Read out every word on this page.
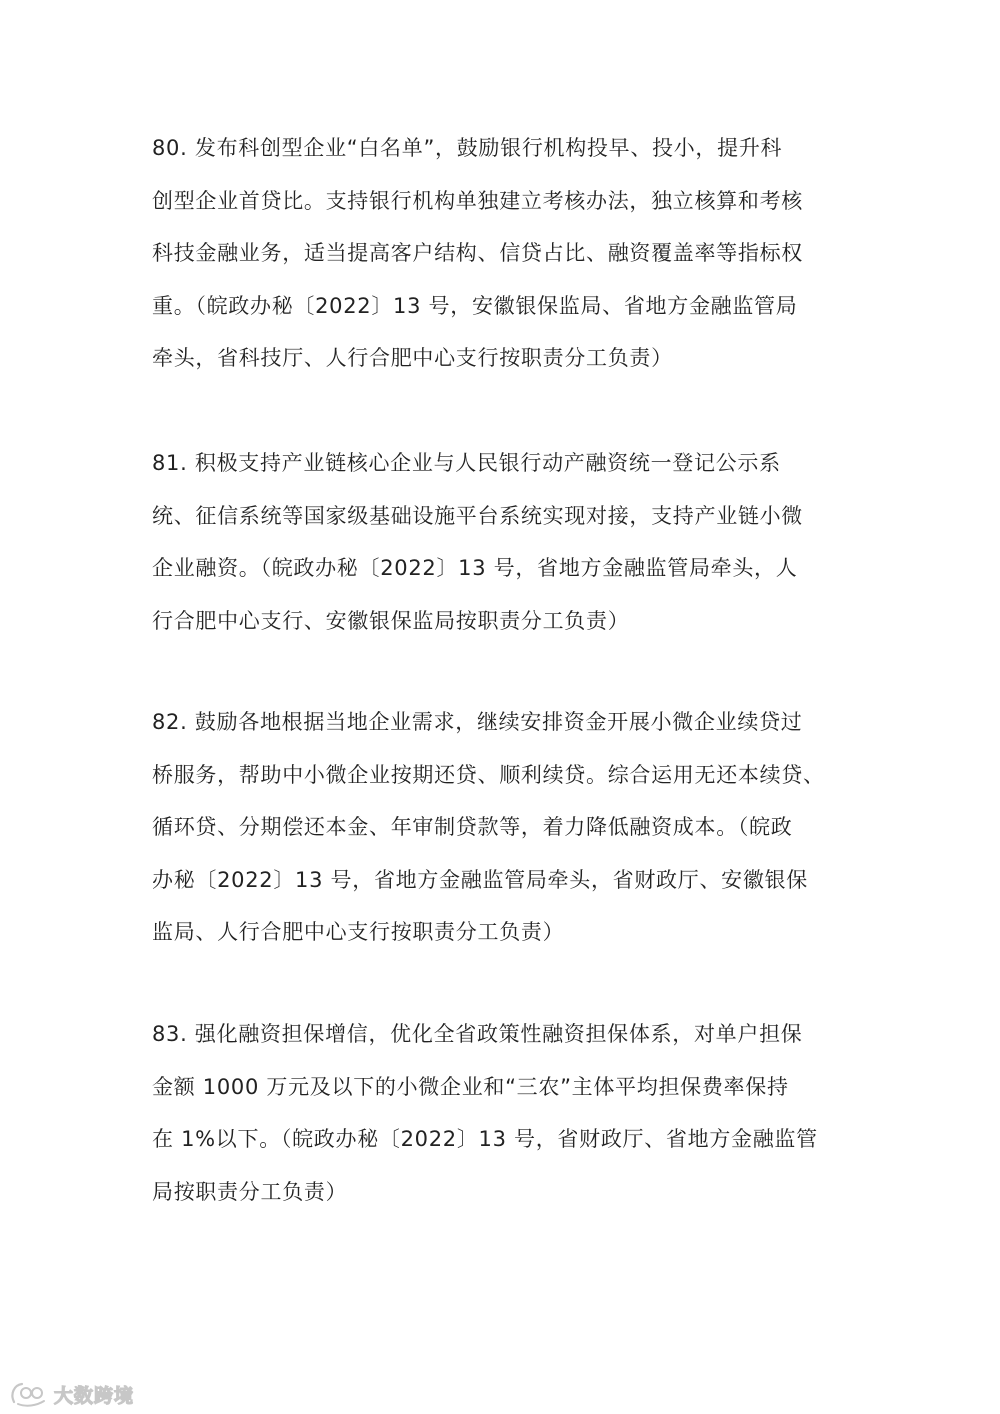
80. 发布科创型企业“白名单”，鼓励银行机构投早、投小，提升科
创型企业首贷比。支持银行机构单独建立考核办法，独立核算和考核
科技金融业务，适当提高客户结构、信贷占比、融资覆盖率等指标权
重。（皖政办秘〔2022〕13 号，安徽银保监局、省地方金融监管局
牵头，省科技厅、人行合肥中心支行按职责分工负责）

81. 积极支持产业链核心企业与人民银行动产融资统一登记公示系
统、征信系统等国家级基础设施平台系统实现对接，支持产业链小微
企业融资。（皖政办秘〔2022〕13 号，省地方金融监管局牵头，人
行合肥中心支行、安徽银保监局按职责分工负责）

82. 鼓励各地根据当地企业需求，继续安排资金开展小微企业续贷过
桥服务，帮助中小微企业按期还贷、顺利续贷。综合运用无还本续贷、
循环贷、分期偿还本金、年审制贷款等，着力降低融资成本。（皖政
办秘〔2022〕13 号，省地方金融监管局牵头，省财政厅、安徽银保
监局、人行合肥中心支行按职责分工负责）

83. 强化融资担保增信，优化全省政策性融资担保体系，对单户担保
金额 1000 万元及以下的小微企业和“三农”主体平均担保费率保持
在 1%以下。（皖政办秘〔2022〕13 号，省财政厅、省地方金融监管
局按职责分工负责）

大数跨境
